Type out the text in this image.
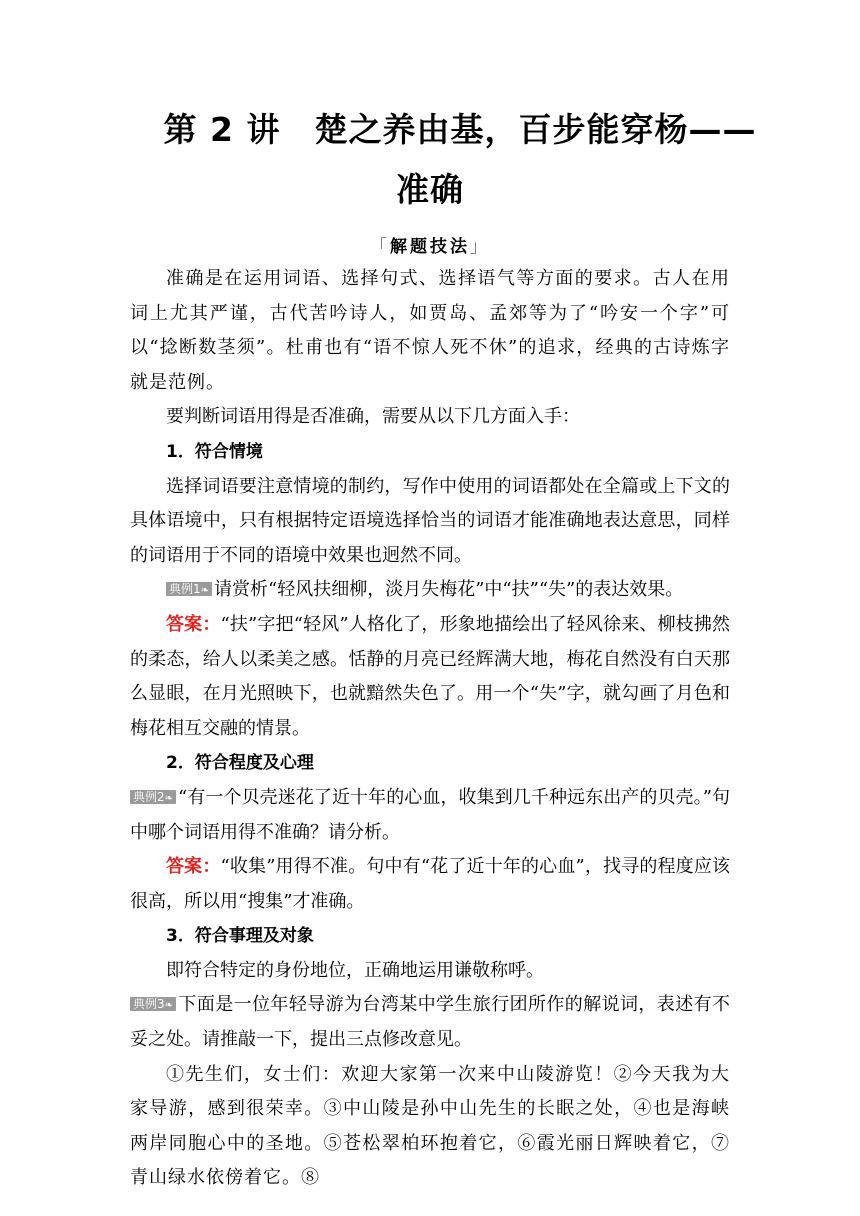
第 2 讲　楚之养由基，百步能穿杨——
准确
「解题技法」

准确是在运用词语、选择句式、选择语气等方面的要求。古人在用词上尤其严谨，古代苦吟诗人，如贾岛、孟郊等为了“吟安一个字”可以“捻断数茎须”。杜甫也有“语不惊人死不休”的追求，经典的古诗炼字就是范例。

要判断词语用得是否准确，需要从以下几方面入手：

1．符合情境

选择词语要注意情境的制约，写作中使用的词语都处在全篇或上下文的具体语境中，只有根据特定语境选择恰当的词语才能准确地表达意思，同样的词语用于不同的语境中效果也迥然不同。

典例1❧ 请赏析“轻风扶细柳，淡月失梅花”中“扶”“失”的表达效果。

答案：“扶”字把“轻风”人格化了，形象地描绘出了轻风徐来、柳枝拂然的柔态，给人以柔美之感。恬静的月亮已经辉满大地，梅花自然没有白天那么显眼，在月光照映下，也就黯然失色了。用一个“失”字，就勾画了月色和梅花相互交融的情景。

2．符合程度及心理

典例2❧ “有一个贝壳迷花了近十年的心血，收集到几千种远东出产的贝壳。”句中哪个词语用得不准确？请分析。

答案：“收集”用得不准。句中有“花了近十年的心血”，找寻的程度应该很高，所以用“搜集”才准确。

3．符合事理及对象

即符合特定的身份地位，正确地运用谦敬称呼。

典例3❧ 下面是一位年轻导游为台湾某中学生旅行团所作的解说词，表述有不妥之处。请推敲一下，提出三点修改意见。

①先生们，女士们：欢迎大家第一次来中山陵游览！②今天我为大家导游，感到很荣幸。③中山陵是孙中山先生的长眠之处，④也是海峡两岸同胞心中的圣地。⑤苍松翠柏环抱着它，⑥霞光丽日辉映着它，⑦青山绿水依傍着它。⑧
